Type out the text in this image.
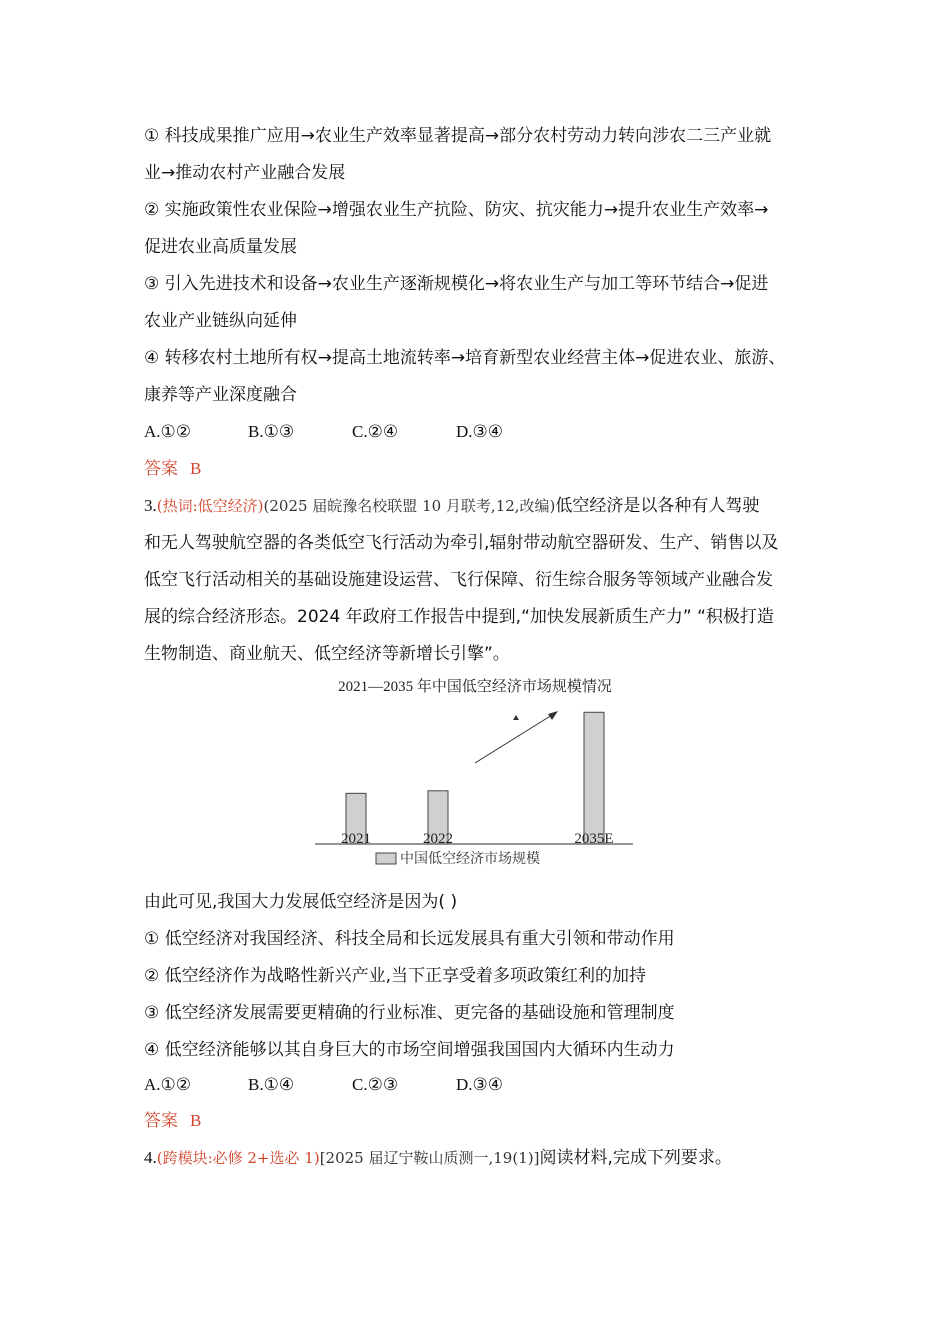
① 科技成果推广应用→农业生产效率显著提高→部分农村劳动力转向涉农二三产业就
业→推动农村产业融合发展
② 实施政策性农业保险→增强农业生产抗险、防灾、抗灾能力→提升农业生产效率→
促进农业高质量发展
③ 引入先进技术和设备→农业生产逐渐规模化→将农业生产与加工等环节结合→促进
农业产业链纵向延伸
④ 转移农村土地所有权→提高土地流转率→培育新型农业经营主体→促进农业、旅游、
康养等产业深度融合
A.①②	B.①③	C.②④	D.③④
答案 B
3.(热词:低空经济)(2025 届皖豫名校联盟 10 月联考,12,改编)低空经济是以各种有人驾驶
和无人驾驶航空器的各类低空飞行活动为牵引,辐射带动航空器研发、生产、销售以及
低空飞行活动相关的基础设施建设运营、飞行保障、衍生综合服务等领域产业融合发
展的综合经济形态。2024 年政府工作报告中提到,“加快发展新质生产力” “积极打造
生物制造、商业航天、低空经济等新增长引擎”。
2021—2035 年中国低空经济市场规模情况
2021	2022	2035E
中国低空经济市场规模
由此可见,我国大力发展低空经济是因为( )
① 低空经济对我国经济、科技全局和长远发展具有重大引领和带动作用
② 低空经济作为战略性新兴产业,当下正享受着多项政策红利的加持
③ 低空经济发展需要更精确的行业标准、更完备的基础设施和管理制度
④ 低空经济能够以其自身巨大的市场空间增强我国国内大循环内生动力
A.①②	B.①④	C.②③	D.③④
答案 B
4.(跨模块:必修 2+选必 1)[2025 届辽宁鞍山质测一,19(1)]阅读材料,完成下列要求。
